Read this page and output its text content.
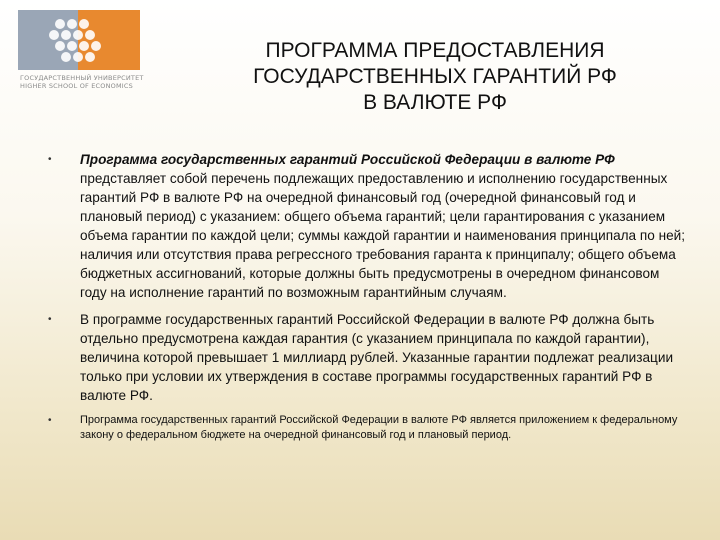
ГОСУДАРСТВЕННЫЙ УНИВЕРСИТЕТ
HIGHER SCHOOL OF ECONOMICS
ПРОГРАММА ПРЕДОСТАВЛЕНИЯ
ГОСУДАРСТВЕННЫХ ГАРАНТИЙ РФ
В ВАЛЮТЕ РФ
•	Программа государственных гарантий Российской Федерации в валюте РФ представляет собой перечень подлежащих предоставлению и исполнению государственных гарантий РФ в валюте РФ на очередной финансовый год (очередной финансовый год и плановый период) с указанием: общего объема гарантий; цели гарантирования с указанием объема гарантии по каждой цели; суммы каждой гарантии и наименования принципала по ней; наличия или отсутствия права регрессного требования гаранта к принципалу; общего объема бюджетных ассигнований, которые должны быть предусмотрены в очередном финансовом году на исполнение гарантий по возможным гарантийным случаям.

•	В программе государственных гарантий Российской Федерации в валюте РФ должна быть отдельно предусмотрена каждая гарантия (с указанием принципала по каждой гарантии), величина которой превышает 1 миллиард рублей. Указанные гарантии подлежат реализации только при условии их утверждения в составе программы государственных гарантий РФ в валюте РФ.

•	Программа государственных гарантий Российской Федерации в валюте РФ является приложением к федеральному закону о федеральном бюджете на очередной финансовый год и плановый период.
